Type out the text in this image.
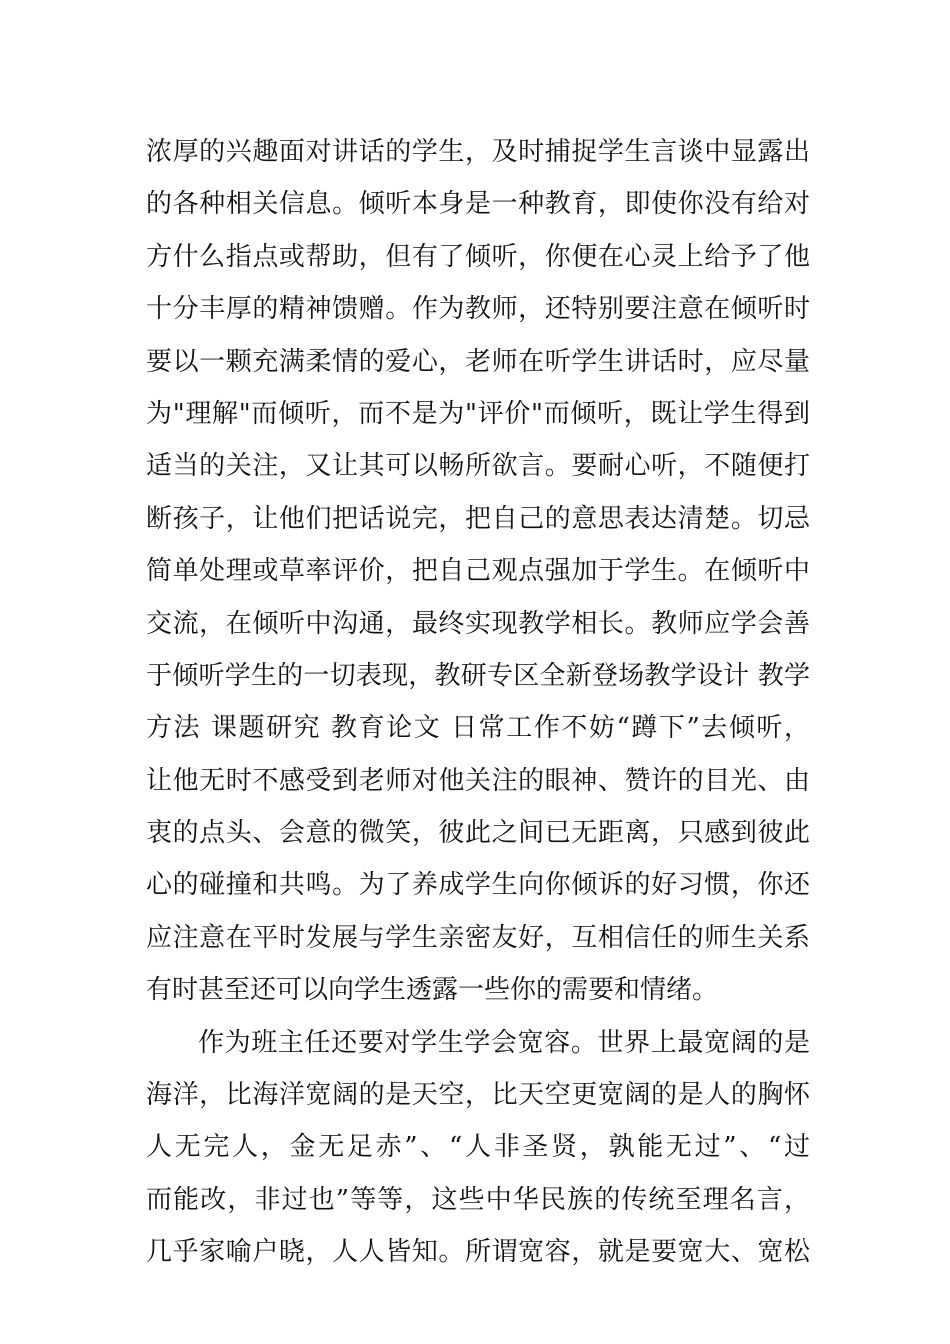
浓厚的兴趣面对讲话的学生，及时捕捉学生言谈中显露出
的各种相关信息。倾听本身是一种教育，即使你没有给对
方什么指点或帮助，但有了倾听，你便在心灵上给予了他
十分丰厚的精神馈赠。作为教师，还特别要注意在倾听时
要以一颗充满柔情的爱心，老师在听学生讲话时，应尽量
为"理解"而倾听，而不是为"评价"而倾听，既让学生得到
适当的关注，又让其可以畅所欲言。要耐心听，不随便打
断孩子，让他们把话说完，把自己的意思表达清楚。切忌
简单处理或草率评价，把自己观点强加于学生。在倾听中
交流，在倾听中沟通，最终实现教学相长。教师应学会善
于倾听学生的一切表现，教研专区全新登场教学设计 教学
方法 课题研究 教育论文 日常工作不妨“蹲下”去倾听，
让他无时不感受到老师对他关注的眼神、赞许的目光、由
衷的点头、会意的微笑，彼此之间已无距离，只感到彼此
心的碰撞和共鸣。为了养成学生向你倾诉的好习惯，你还
应注意在平时发展与学生亲密友好，互相信任的师生关系
有时甚至还可以向学生透露一些你的需要和情绪。
作为班主任还要对学生学会宽容。世界上最宽阔的是
海洋，比海洋宽阔的是天空，比天空更宽阔的是人的胸怀
人无完人，金无足赤”、“人非圣贤，孰能无过”、“过
而能改，非过也”等等，这些中华民族的传统至理名言，
几乎家喻户晓，人人皆知。所谓宽容，就是要宽大、宽松
